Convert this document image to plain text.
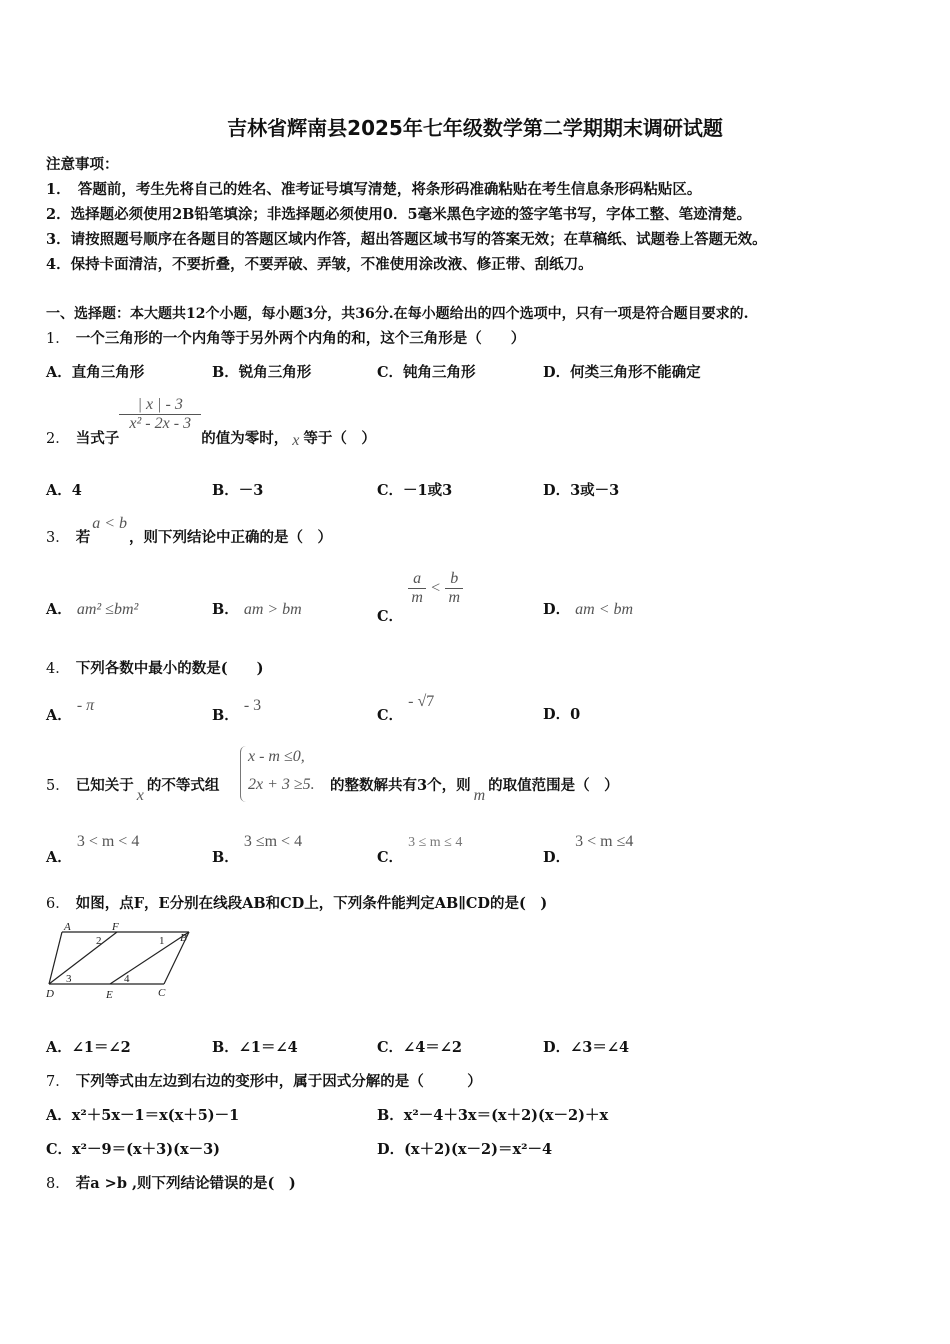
吉林省辉南县2025年七年级数学第二学期期末调研试题
注意事项：
1．　答题前，考生先将自己的姓名、准考证号填写清楚，将条形码准确粘贴在考生信息条形码粘贴区。
2．选择题必须使用2B铅笔填涂；非选择题必须使用0．5毫米黑色字迹的签字笔书写，字体工整、笔迹清楚。
3．请按照题号顺序在各题目的答题区域内作答，超出答题区域书写的答案无效；在草稿纸、试题卷上答题无效。
4．保持卡面清洁，不要折叠，不要弄破、弄皱，不准使用涂改液、修正带、刮纸刀。
一、选择题：本大题共12个小题，每小题3分，共36分.在每小题给出的四个选项中，只有一项是符合题目要求的.
1． 一个三角形的一个内角等于另外两个内角的和，这个三角形是（　　）
A．直角三角形	B．锐角三角形	C．钝角三角形	D．何类三角形不能确定
2． 当式子
$\frac{| x | - 3}{\text{x² - 2x - 3}}$
的值为零时， x 等于（　）
A．4	B．－3	C．－1或3	D．3或－3
3． 若a < b，则下列结论中正确的是（　）
A． am² ≤bm²	B． am > bm	C．
$\frac{a}{m} < \frac{b}{m}$
D． am < bm
4． 下列各数中最小的数是(　　)
A． - π
B． - 3
C． - √7
D．0
5． 已知关于x的不等式组
x - m ≤0,
2x + 3 ≥5. 的整数解共有3个，则m的取值范围是（　）
A． 3 < m < 4
B． 3 ≤m < 4
C． 3 ≤ m ≤ 4
D． 3 < m ≤4
6． 如图，点F，E分别在线段AB和CD上，下列条件能判定AB∥CD的是(　)
A	F
B
D	E	C
1
2
3	4
A．∠1＝∠2	B．∠1＝∠4	C．∠4＝∠2	D．∠3＝∠4
7． 下列等式由左边到右边的变形中，属于因式分解的是（　　　）
A．x²＋5x－1＝x(x＋5)－1	B．x²－4＋3x＝(x＋2)(x－2)＋x
C．x²－9＝(x＋3)(x－3)	D．(x＋2)(x－2)＝x²－4
8． 若a >b ,则下列结论错误的是(　)
